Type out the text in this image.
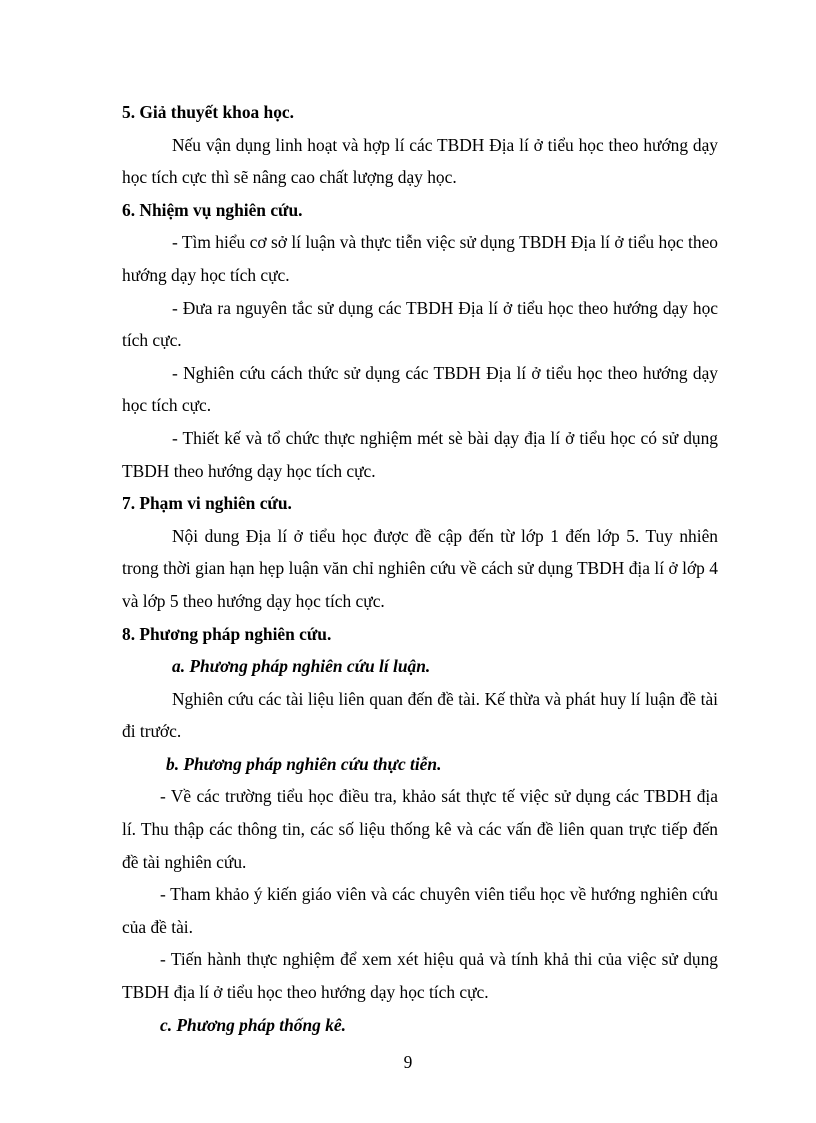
5. Giả thuyết khoa học.

Nếu vận dụng linh hoạt và hợp lí các TBDH Địa lí ở tiểu học theo hướng dạy học tích cực thì sẽ nâng cao chất lượng dạy học.

6. Nhiệm vụ nghiên cứu.

- Tìm hiểu cơ sở lí luận và thực tiễn việc sử dụng TBDH Địa lí ở tiểu học theo hướng dạy học tích cực.

- Đưa ra nguyên tắc sử dụng các TBDH Địa lí ở tiểu học theo hướng dạy học tích cực.

- Nghiên cứu cách thức sử dụng các TBDH Địa lí ở tiểu học theo hướng dạy học tích cực.

- Thiết kế và tổ chức thực nghiệm mét sè bài dạy địa lí ở tiểu học có sử dụng TBDH theo hướng dạy học tích cực.

7. Phạm vi nghiên cứu.

Nội dung Địa lí ở tiểu học được đề cập đến từ lớp 1 đến lớp 5. Tuy nhiên trong thời gian hạn hẹp luận văn chỉ nghiên cứu về cách sử dụng TBDH địa lí ở lớp 4 và lớp 5 theo hướng dạy học tích cực.

8. Phương pháp nghiên cứu.
a. Phương pháp nghiên cứu lí luận.

Nghiên cứu các tài liệu liên quan đến đề tài. Kế thừa và phát huy lí luận đề tài đi trước.

b. Phương pháp nghiên cứu thực tiễn.

- Về các trường tiểu học điều tra, khảo sát thực tế việc sử dụng các TBDH địa lí. Thu thập các thông tin, các số liệu thống kê và các vấn đề liên quan trực tiếp đến đề tài nghiên cứu.

- Tham khảo ý kiến giáo viên và các chuyên viên tiểu học về hướng nghiên cứu của đề tài.

- Tiến hành thực nghiệm để xem xét hiệu quả và tính khả thi của việc sử dụng TBDH địa lí ở tiểu học theo hướng dạy học tích cực.

c. Phương pháp thống kê.
9
